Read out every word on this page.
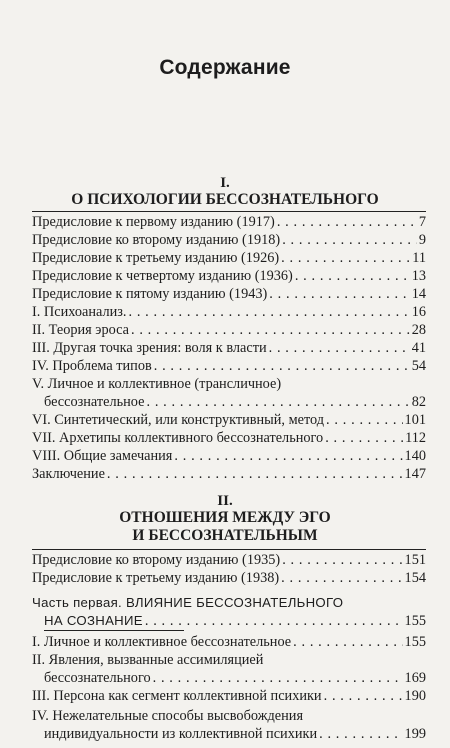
Содержание
I.
О ПСИХОЛОГИИ БЕССОЗНАТЕЛЬНОГО
Предисловие к первому изданию (1917) . . .	7
Предисловие ко второму изданию (1918) . . .	9
Предисловие к третьему изданию (1926) . . .	11
Предисловие к четвертому изданию (1936) . . .	13
Предисловие к пятому изданию (1943) . . .	14
I. Психоанализ. . . .	16
II. Теория эроса . . .	28
III. Другая точка зрения: воля к власти . . .	41
IV. Проблема типов . . .	54
V. Личное и коллективное (трансличное)
бессознательное . . .	82
VI. Синтетический, или конструктивный, метод . . .	101
VII. Архетипы коллективного бессознательного . . .	112
VIII. Общие замечания . . .	140
Заключение . . .	147
II.
ОТНОШЕНИЯ МЕЖДУ ЭГО
И БЕССОЗНАТЕЛЬНЫМ
Предисловие ко второму изданию (1935) . . .	151
Предисловие к третьему изданию (1938) . . .	154
Часть первая. ВЛИЯНИЕ БЕССОЗНАТЕЛЬНОГО
НА СОЗНАНИЕ . . .	155
I. Личное и коллективное бессознательное . . .	155
II. Явления, вызванные ассимиляцией
бессознательного . . .	169
III. Персона как сегмент коллективной психики . . .	190
IV. Нежелательные способы высвобождения
индивидуальности из коллективной психики . . .	199
